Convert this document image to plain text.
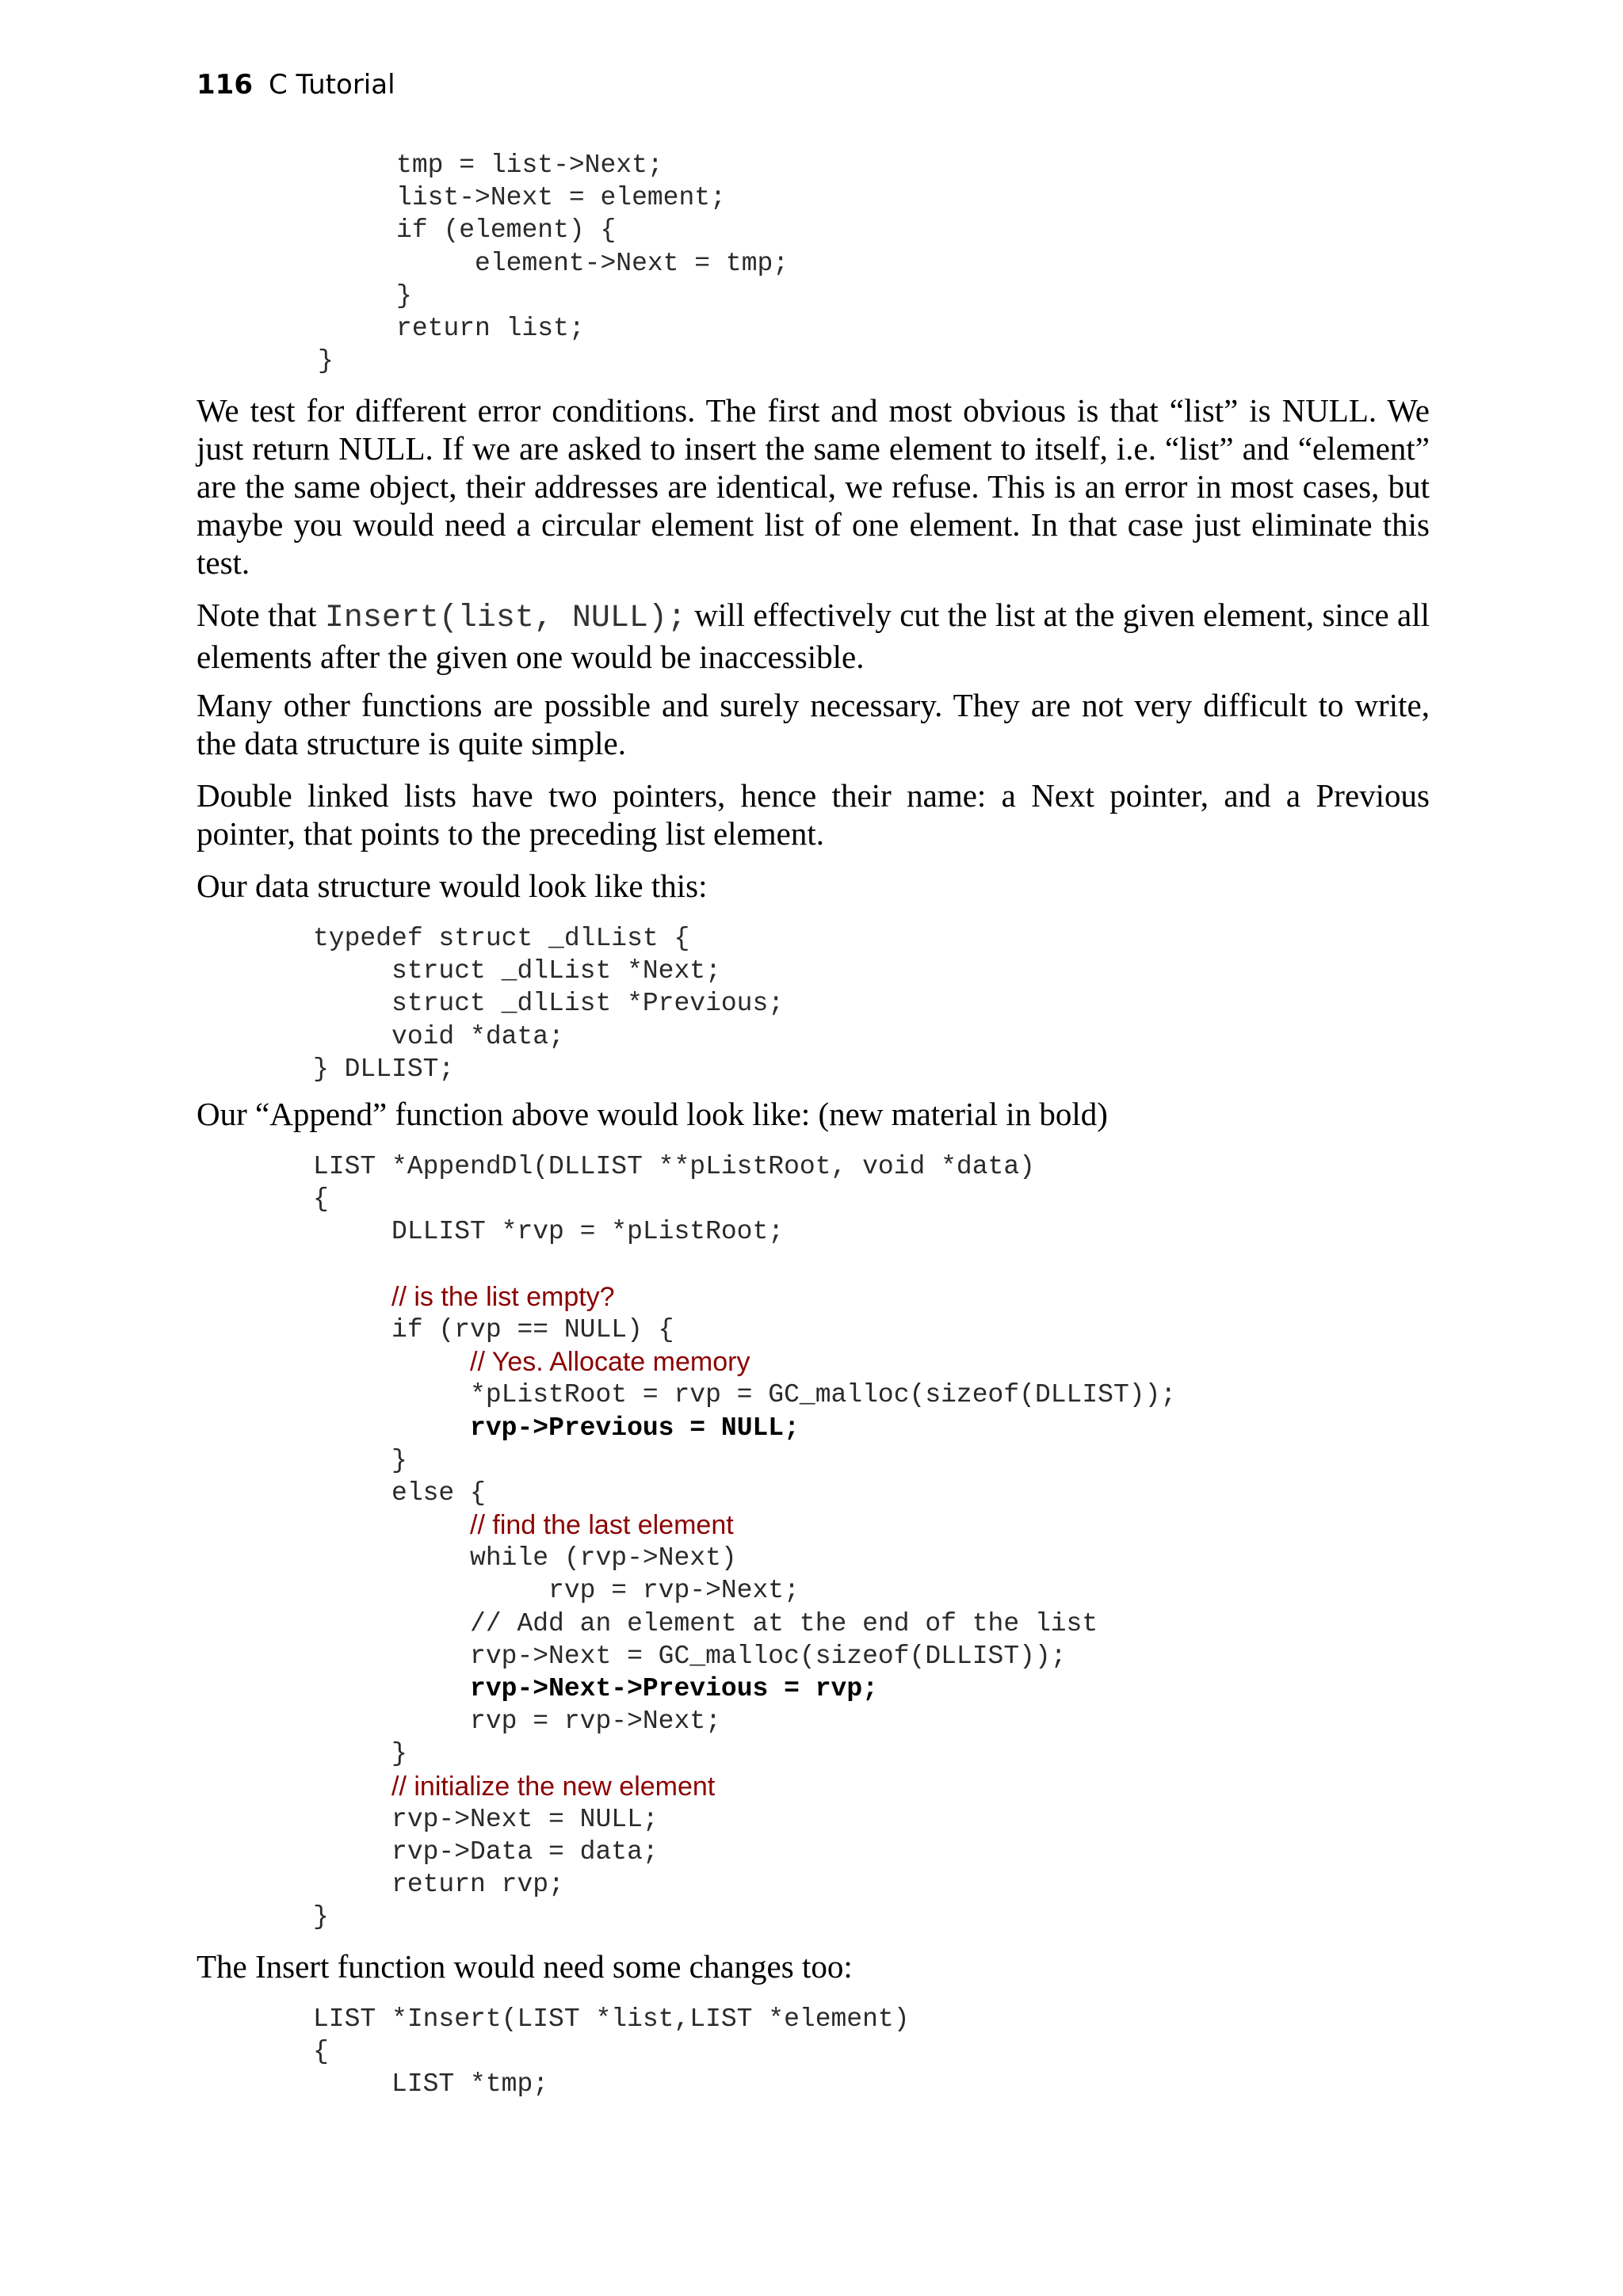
116 C Tutorial
tmp = list->Next;
list->Next = element;
if (element) {
element->Next = tmp;
}
return list;
}

We test for different error conditions. The first and most obvious is that “list” is NULL. We just return NULL. If we are asked to insert the same element to itself, i.e. “list” and “element” are the same object, their addresses are identical, we refuse. This is an error in most cases, but maybe you would need a circular element list of one element. In that case just eliminate this test.

Note that Insert(list, NULL); will effectively cut the list at the given element, since all elements after the given one would be inaccessible.

Many other functions are possible and surely necessary. They are not very difficult to write, the data structure is quite simple.

Double linked lists have two pointers, hence their name: a Next pointer, and a Previous pointer, that points to the preceding list element.

Our data structure would look like this:

typedef struct _dlList {
struct _dlList *Next;
struct _dlList *Previous;
void *data;
} DLLIST;

Our “Append” function above would look like: (new material in bold)

LIST *AppendDl(DLLIST **pListRoot, void *data)
{
DLLIST *rvp = *pListRoot;
// is the list empty?
if (rvp == NULL) {
// Yes. Allocate memory
*pListRoot = rvp = GC_malloc(sizeof(DLLIST));
rvp->Previous = NULL;
}
else {
// find the last element
while (rvp->Next)
rvp = rvp->Next;
// Add an element at the end of the list
rvp->Next = GC_malloc(sizeof(DLLIST));
rvp->Next->Previous = rvp;
rvp = rvp->Next;
}
// initialize the new element
rvp->Next = NULL;
rvp->Data = data;
return rvp;
}

The Insert function would need some changes too:

LIST *Insert(LIST *list,LIST *element)
{
LIST *tmp;
